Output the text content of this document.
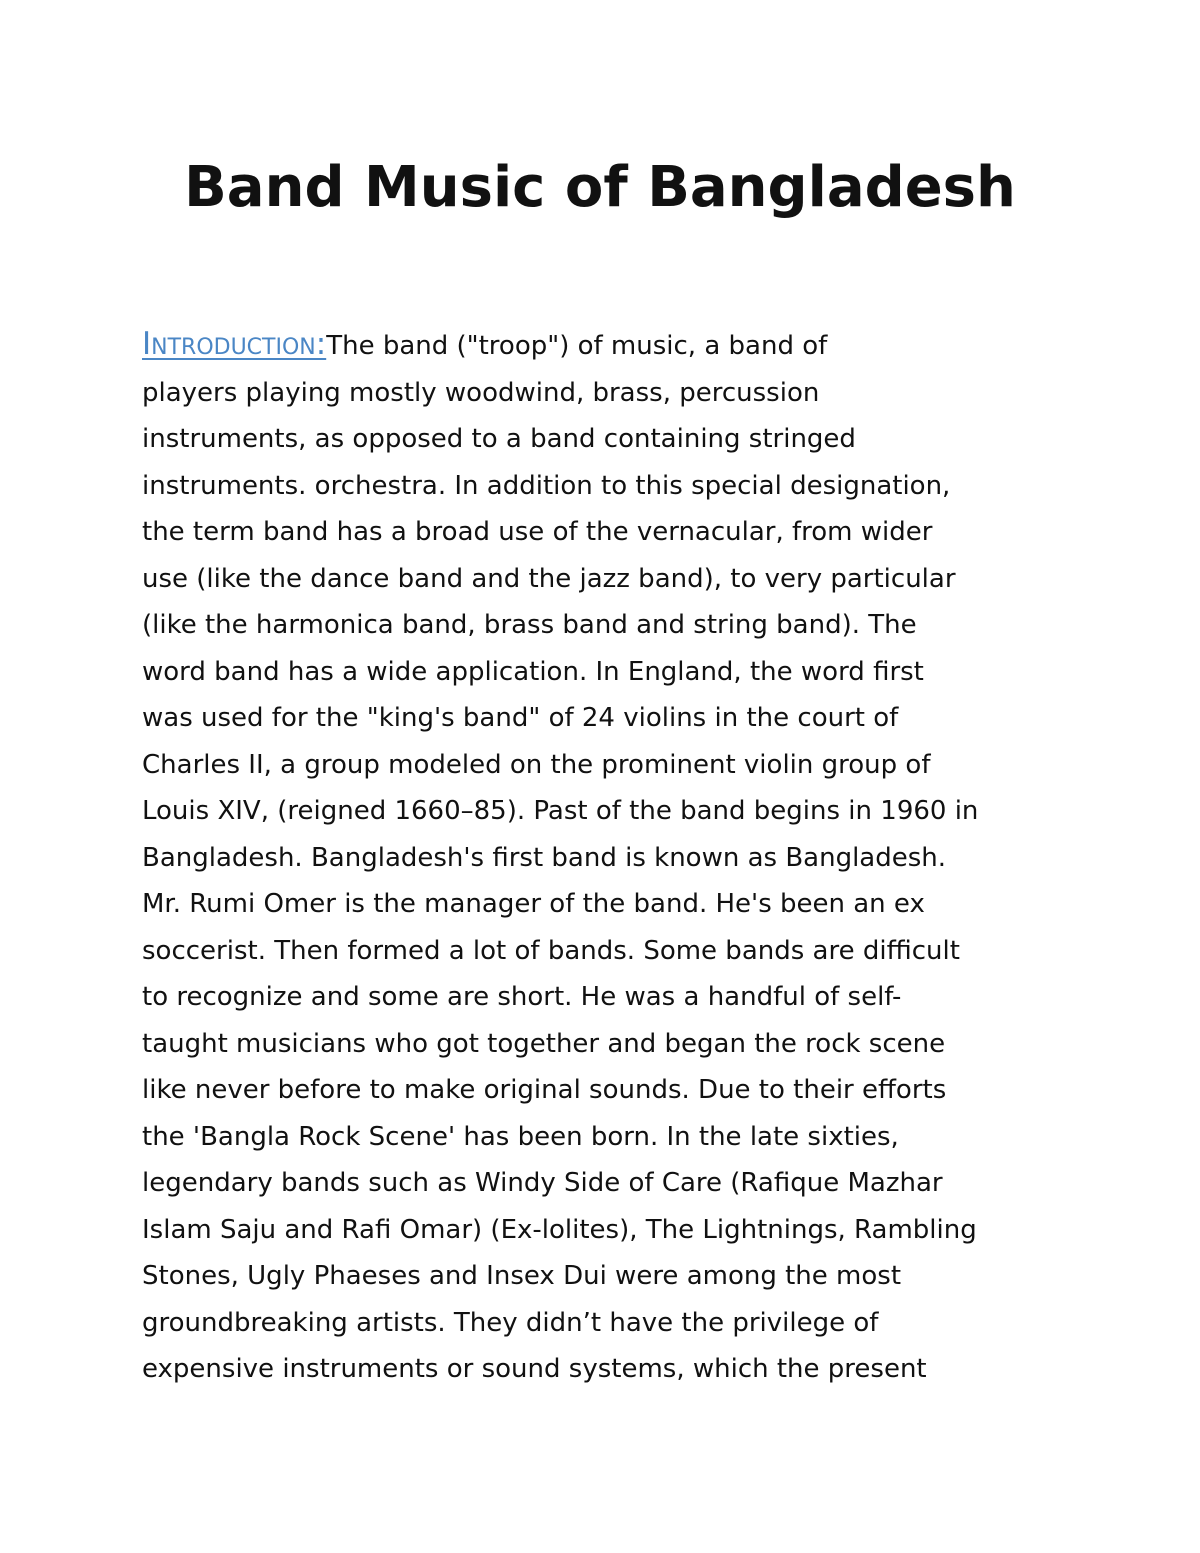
Band Music of Bangladesh
Introduction:The band ("troop") of music, a band of
players playing mostly woodwind, brass, percussion
instruments, as opposed to a band containing stringed
instruments. orchestra. In addition to this special designation,
the term band has a broad use of the vernacular, from wider
use (like the dance band and the jazz band), to very particular
(like the harmonica band, brass band and string band). The
word band has a wide application. In England, the word first
was used for the "king's band" of 24 violins in the court of
Charles II, a group modeled on the prominent violin group of
Louis XIV, (reigned 1660–85). Past of the band begins in 1960 in
Bangladesh. Bangladesh's first band is known as Bangladesh.
Mr. Rumi Omer is the manager of the band. He's been an ex
soccerist. Then formed a lot of bands. Some bands are difficult
to recognize and some are short. He was a handful of self-
taught musicians who got together and began the rock scene
like never before to make original sounds. Due to their efforts
the 'Bangla Rock Scene' has been born. In the late sixties,
legendary bands such as Windy Side of Care (Rafique Mazhar
Islam Saju and Rafi Omar) (Ex-lolites), The Lightnings, Rambling
Stones, Ugly Phaeses and Insex Dui were among the most
groundbreaking artists. They didn’t have the privilege of
expensive instruments or sound systems, which the present
